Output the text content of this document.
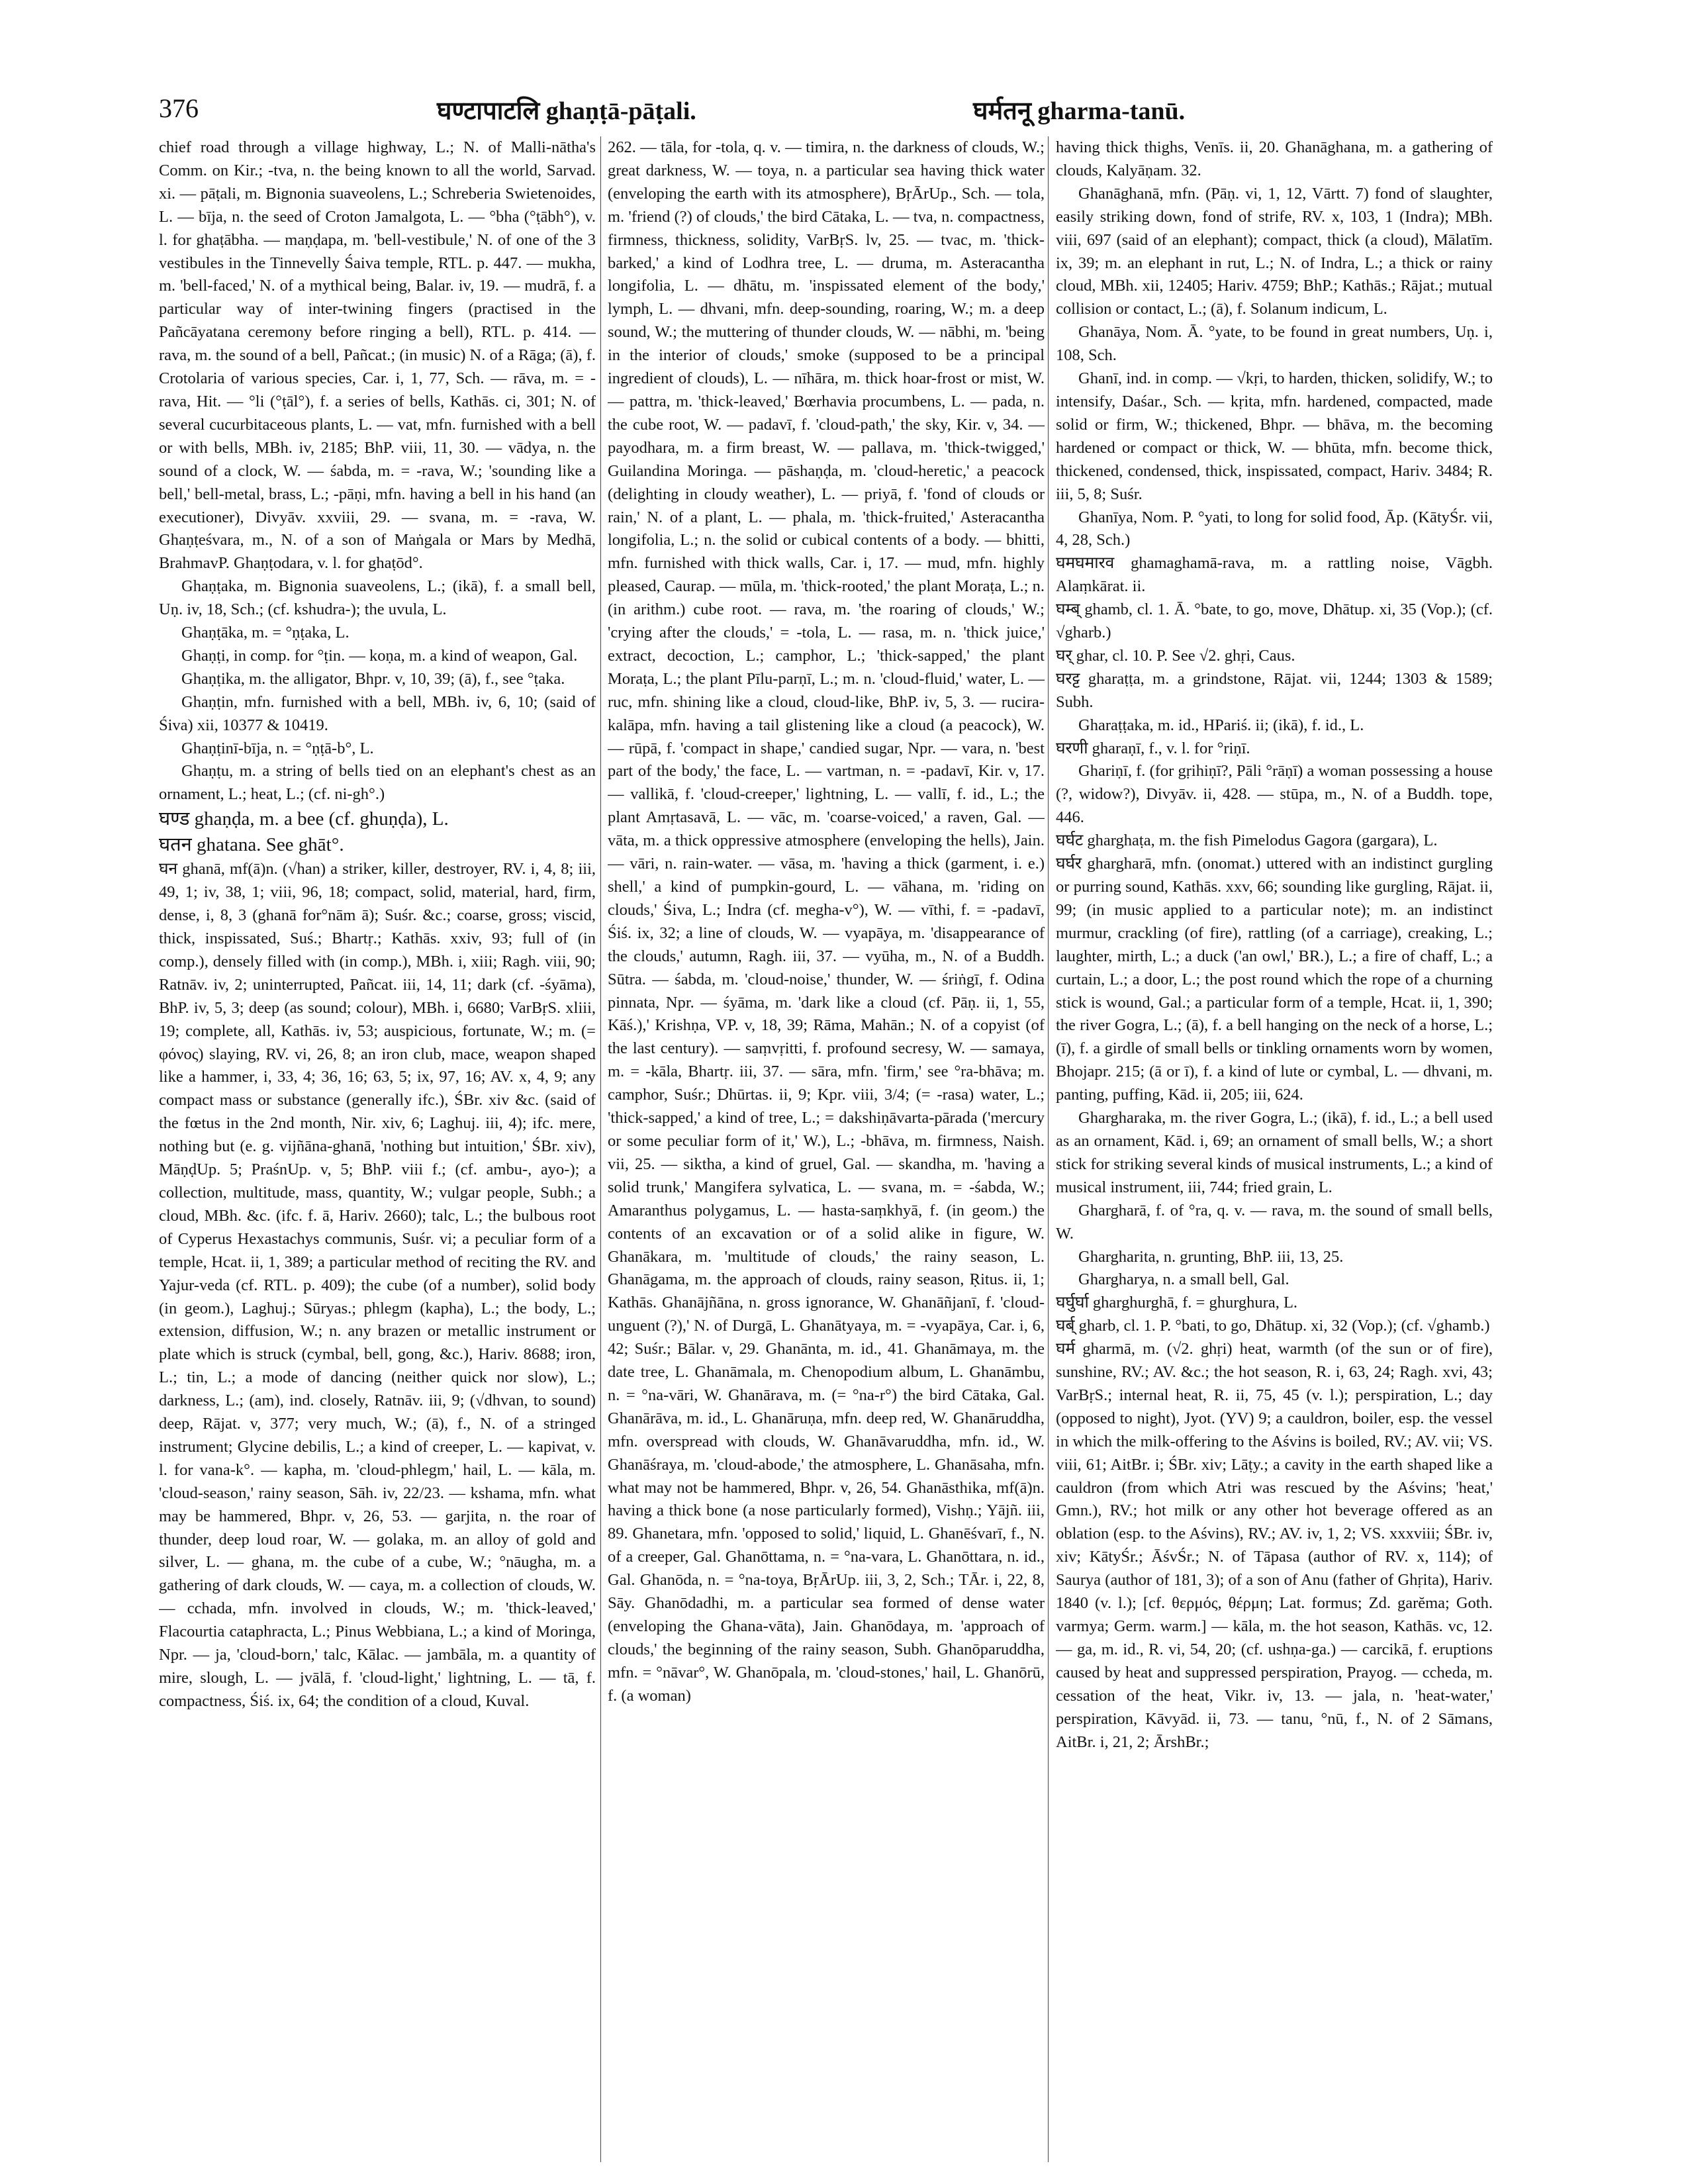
376	घण्टापाटलि ghaṇṭā-pāṭali.	घर्मतनू gharma-tanū.

chief road through a village highway, L.; N. of Malli-nātha's Comm. on Kir.; -tva, n. the being known to all the world, Sarvad. xi. — pāṭali, m. Bignonia suaveolens, L.; Schreberia Swietenoides, L. — bīja, n. the seed of Croton Jamalgota, L. — °bha (°ṭābh°), v. l. for ghaṭābha. — maṇḍapa, m. 'bell-vestibule,' N. of one of the 3 vestibules in the Tinnevelly Śaiva temple, RTL. p. 447. — mukha, m. 'bell-faced,' N. of a mythical being, Balar. iv, 19. — mudrā, f. a particular way of inter-twining fingers (practised in the Pañcāyatana ceremony before ringing a bell), RTL. p. 414. — rava, m. the sound of a bell, Pañcat.; (in music) N. of a Rāga; (ā), f. Crotolaria of various species, Car. i, 1, 77, Sch. — rāva, m. = -rava, Hit. — °li (°ṭāl°), f. a series of bells, Kathās. ci, 301; N. of several cucurbitaceous plants, L. — vat, mfn. furnished with a bell or with bells, MBh. iv, 2185; BhP. viii, 11, 30. — vādya, n. the sound of a clock, W. — śabda, m. = -rava, W.; 'sounding like a bell,' bell-metal, brass, L.; -pāṇi, mfn. having a bell in his hand (an executioner), Divyāv. xxviii, 29. — svana, m. = -rava, W. Ghaṇṭeśvara, m., N. of a son of Maṅgala or Mars by Medhā, BrahmavP. Ghaṇṭodara, v. l. for ghaṭōd°.

Ghaṇṭaka, m. Bignonia suaveolens, L.; (ikā), f. a small bell, Uṇ. iv, 18, Sch.; (cf. kshudra-); the uvula, L.

Ghaṇṭāka, m. = °ṇṭaka, L.

Ghaṇṭi, in comp. for °ṭin. — koṇa, m. a kind of weapon, Gal.

Ghaṇṭika, m. the alligator, Bhpr. v, 10, 39; (ā), f., see °ṭaka.

Ghaṇṭin, mfn. furnished with a bell, MBh. iv, 6, 10; (said of Śiva) xii, 10377 & 10419.

Ghaṇṭinī-bīja, n. = °ṇṭā-b°, L.

Ghaṇṭu, m. a string of bells tied on an elephant's chest as an ornament, L.; heat, L.; (cf. ni-gh°.)

घण्ड ghaṇḍa, m. a bee (cf. ghuṇḍa), L.

घतन ghatana. See ghāt°.

घन ghanā, mf(ā)n. (√han) a striker, killer, destroyer, RV. i, 4, 8; iii, 49, 1; iv, 38, 1; viii, 96, 18; compact, solid, material, hard, firm, dense, i, 8, 3 (ghanā for°nām ā); Suśr. &c.; coarse, gross; viscid, thick, inspissated, Suś.; Bhartṛ.; Kathās. xxiv, 93; full of (in comp.), densely filled with (in comp.), MBh. i, xiii; Ragh. viii, 90; Ratnāv. iv, 2; uninterrupted, Pañcat. iii, 14, 11; dark (cf. -śyāma), BhP. iv, 5, 3; deep (as sound; colour), MBh. i, 6680; VarBṛS. xliii, 19; complete, all, Kathās. iv, 53; auspicious, fortunate, W.; m. (= φόνος) slaying, RV. vi, 26, 8; an iron club, mace, weapon shaped like a hammer, i, 33, 4; 36, 16; 63, 5; ix, 97, 16; AV. x, 4, 9; any compact mass or substance (generally ifc.), ŚBr. xiv &c. (said of the fœtus in the 2nd month, Nir. xiv, 6; Laghuj. iii, 4); ifc. mere, nothing but (e. g. vijñāna-ghanā, 'nothing but intuition,' ŚBr. xiv), MāṇḍUp. 5; PraśnUp. v, 5; BhP. viii f.; (cf. ambu-, ayo-); a collection, multitude, mass, quantity, W.; vulgar people, Subh.; a cloud, MBh. &c. (ifc. f. ā, Hariv. 2660); talc, L.; the bulbous root of Cyperus Hexastachys communis, Suśr. vi; a peculiar form of a temple, Hcat. ii, 1, 389; a particular method of reciting the RV. and Yajur-veda (cf. RTL. p. 409); the cube (of a number), solid body (in geom.), Laghuj.; Sūryas.; phlegm (kapha), L.; the body, L.; extension, diffusion, W.; n. any brazen or metallic instrument or plate which is struck (cymbal, bell, gong, &c.), Hariv. 8688; iron, L.; tin, L.; a mode of dancing (neither quick nor slow), L.; darkness, L.; (am), ind. closely, Ratnāv. iii, 9; (√dhvan, to sound) deep, Rājat. v, 377; very much, W.; (ā), f., N. of a stringed instrument; Glycine debilis, L.; a kind of creeper, L. — kapivat, v. l. for vana-k°. — kapha, m. 'cloud-phlegm,' hail, L. — kāla, m. 'cloud-season,' rainy season, Sāh. iv, 22/23. — kshama, mfn. what may be hammered, Bhpr. v, 26, 53. — garjita, n. the roar of thunder, deep loud roar, W. — golaka, m. an alloy of gold and silver, L. — ghana, m. the cube of a cube, W.; °nāugha, m. a gathering of dark clouds, W. — caya, m. a collection of clouds, W. — cchada, mfn. involved in clouds, W.; m. 'thick-leaved,' Flacourtia cataphracta, L.; Pinus Webbiana, L.; a kind of Moringa, Npr. — ja, 'cloud-born,' talc, Kālac. — jambāla, m. a quantity of mire, slough, L. — jvālā, f. 'cloud-light,' lightning, L. — tā, f. compactness, Śiś. ix, 64; the condition of a cloud, Kuval.

262. — tāla, for -tola, q. v. — timira, n. the darkness of clouds, W.; great darkness, W. — toya, n. a particular sea having thick water (enveloping the earth with its atmosphere), BṛĀrUp., Sch. — tola, m. 'friend (?) of clouds,' the bird Cātaka, L. — tva, n. compactness, firmness, thickness, solidity, VarBṛS. lv, 25. — tvac, m. 'thick-barked,' a kind of Lodhra tree, L. — druma, m. Asteracantha longifolia, L. — dhātu, m. 'inspissated element of the body,' lymph, L. — dhvani, mfn. deep-sounding, roaring, W.; m. a deep sound, W.; the muttering of thunder clouds, W. — nābhi, m. 'being in the interior of clouds,' smoke (supposed to be a principal ingredient of clouds), L. — nīhāra, m. thick hoar-frost or mist, W. — pattra, m. 'thick-leaved,' Bœrhavia procumbens, L. — pada, n. the cube root, W. — padavī, f. 'cloud-path,' the sky, Kir. v, 34. — payodhara, m. a firm breast, W. — pallava, m. 'thick-twigged,' Guilandina Moringa. — pāshaṇḍa, m. 'cloud-heretic,' a peacock (delighting in cloudy weather), L. — priyā, f. 'fond of clouds or rain,' N. of a plant, L. — phala, m. 'thick-fruited,' Asteracantha longifolia, L.; n. the solid or cubical contents of a body. — bhitti, mfn. furnished with thick walls, Car. i, 17. — mud, mfn. highly pleased, Caurap. — mūla, m. 'thick-rooted,' the plant Moraṭa, L.; n. (in arithm.) cube root. — rava, m. 'the roaring of clouds,' W.; 'crying after the clouds,' = -tola, L. — rasa, m. n. 'thick juice,' extract, decoction, L.; camphor, L.; 'thick-sapped,' the plant Moraṭa, L.; the plant Pīlu-parṇī, L.; m. n. 'cloud-fluid,' water, L. — ruc, mfn. shining like a cloud, cloud-like, BhP. iv, 5, 3. — rucira-kalāpa, mfn. having a tail glistening like a cloud (a peacock), W. — rūpā, f. 'compact in shape,' candied sugar, Npr. — vara, n. 'best part of the body,' the face, L. — vartman, n. = -padavī, Kir. v, 17. — vallikā, f. 'cloud-creeper,' lightning, L. — vallī, f. id., L.; the plant Amṛtasavā, L. — vāc, m. 'coarse-voiced,' a raven, Gal. — vāta, m. a thick oppressive atmosphere (enveloping the hells), Jain. — vāri, n. rain-water. — vāsa, m. 'having a thick (garment, i. e.) shell,' a kind of pumpkin-gourd, L. — vāhana, m. 'riding on clouds,' Śiva, L.; Indra (cf. megha-v°), W. — vīthi, f. = -padavī, Śiś. ix, 32; a line of clouds, W. — vyapāya, m. 'disappearance of the clouds,' autumn, Ragh. iii, 37. — vyūha, m., N. of a Buddh. Sūtra. — śabda, m. 'cloud-noise,' thunder, W. — śriṅgī, f. Odina pinnata, Npr. — śyāma, m. 'dark like a cloud (cf. Pāṇ. ii, 1, 55, Kāś.),' Krishṇa, VP. v, 18, 39; Rāma, Mahān.; N. of a copyist (of the last century). — saṃvṛitti, f. profound secresy, W. — samaya, m. = -kāla, Bhartṛ. iii, 37. — sāra, mfn. 'firm,' see °ra-bhāva; m. camphor, Suśr.; Dhūrtas. ii, 9; Kpr. viii, 3/4; (= -rasa) water, L.; 'thick-sapped,' a kind of tree, L.; = dakshiṇāvarta-pārada ('mercury or some peculiar form of it,' W.), L.; -bhāva, m. firmness, Naish. vii, 25. — siktha, a kind of gruel, Gal. — skandha, m. 'having a solid trunk,' Mangifera sylvatica, L. — svana, m. = -śabda, W.; Amaranthus polygamus, L. — hasta-saṃkhyā, f. (in geom.) the contents of an excavation or of a solid alike in figure, W. Ghanākara, m. 'multitude of clouds,' the rainy season, L. Ghanāgama, m. the approach of clouds, rainy season, Ṛitus. ii, 1; Kathās. Ghanājñāna, n. gross ignorance, W. Ghanāñjanī, f. 'cloud-unguent (?),' N. of Durgā, L. Ghanātyaya, m. = -vyapāya, Car. i, 6, 42; Suśr.; Bālar. v, 29. Ghanānta, m. id., 41. Ghanāmaya, m. the date tree, L. Ghanāmala, m. Chenopodium album, L. Ghanāmbu, n. = °na-vāri, W. Ghanārava, m. (= °na-r°) the bird Cātaka, Gal. Ghanārāva, m. id., L. Ghanāruṇa, mfn. deep red, W. Ghanāruddha, mfn. overspread with clouds, W. Ghanāvaruddha, mfn. id., W. Ghanāśraya, m. 'cloud-abode,' the atmosphere, L. Ghanāsaha, mfn. what may not be hammered, Bhpr. v, 26, 54. Ghanāsthika, mf(ā)n. having a thick bone (a nose particularly formed), Vishṇ.; Yājñ. iii, 89. Ghanetara, mfn. 'opposed to solid,' liquid, L. Ghanēśvarī, f., N. of a creeper, Gal. Ghanōttama, n. = °na-vara, L. Ghanōttara, n. id., Gal. Ghanōda, n. = °na-toya, BṛĀrUp. iii, 3, 2, Sch.; TĀr. i, 22, 8, Sāy. Ghanōdadhi, m. a particular sea formed of dense water (enveloping the Ghana-vāta), Jain. Ghanōdaya, m. 'approach of clouds,' the beginning of the rainy season, Subh. Ghanōparuddha, mfn. = °nāvar°, W. Ghanōpala, m. 'cloud-stones,' hail, L. Ghanōrū, f. (a woman)

having thick thighs, Venīs. ii, 20. Ghanāghana, m. a gathering of clouds, Kalyāṇam. 32.

Ghanāghanā, mfn. (Pāṇ. vi, 1, 12, Vārtt. 7) fond of slaughter, easily striking down, fond of strife, RV. x, 103, 1 (Indra); MBh. viii, 697 (said of an elephant); compact, thick (a cloud), Mālatīm. ix, 39; m. an elephant in rut, L.; N. of Indra, L.; a thick or rainy cloud, MBh. xii, 12405; Hariv. 4759; BhP.; Kathās.; Rājat.; mutual collision or contact, L.; (ā), f. Solanum indicum, L.

Ghanāya, Nom. Ā. °yate, to be found in great numbers, Uṇ. i, 108, Sch.

Ghanī, ind. in comp. — √kṛi, to harden, thicken, solidify, W.; to intensify, Daśar., Sch. — kṛita, mfn. hardened, compacted, made solid or firm, W.; thickened, Bhpr. — bhāva, m. the becoming hardened or compact or thick, W. — bhūta, mfn. become thick, thickened, condensed, thick, inspissated, compact, Hariv. 3484; R. iii, 5, 8; Suśr.

Ghanīya, Nom. P. °yati, to long for solid food, Āp. (KātyŚr. vii, 4, 28, Sch.)

घमघमारव ghamaghamā-rava, m. a rattling noise, Vāgbh. Alaṃkārat. ii.

घम्ब् ghamb, cl. 1. Ā. °bate, to go, move, Dhātup. xi, 35 (Vop.); (cf. √gharb.)

घर् ghar, cl. 10. P. See √2. ghṛi, Caus.

घरट्ट gharaṭṭa, m. a grindstone, Rājat. vii, 1244; 1303 & 1589; Subh.

Gharaṭṭaka, m. id., HPariś. ii; (ikā), f. id., L.

घरणी gharaṇī, f., v. l. for °riṇī.

Ghariṇī, f. (for gṛihiṇī?, Pāli °rāṇī) a woman possessing a house (?, widow?), Divyāv. ii, 428. — stūpa, m., N. of a Buddh. tope, 446.

घर्घट gharghaṭa, m. the fish Pimelodus Gagora (gargara), L.

घर्घर ghargharā, mfn. (onomat.) uttered with an indistinct gurgling or purring sound, Kathās. xxv, 66; sounding like gurgling, Rājat. ii, 99; (in music applied to a particular note); m. an indistinct murmur, crackling (of fire), rattling (of a carriage), creaking, L.; laughter, mirth, L.; a duck ('an owl,' BR.), L.; a fire of chaff, L.; a curtain, L.; a door, L.; the post round which the rope of a churning stick is wound, Gal.; a particular form of a temple, Hcat. ii, 1, 390; the river Gogra, L.; (ā), f. a bell hanging on the neck of a horse, L.; (ī), f. a girdle of small bells or tinkling ornaments worn by women, Bhojapr. 215; (ā or ī), f. a kind of lute or cymbal, L. — dhvani, m. panting, puffing, Kād. ii, 205; iii, 624.

Ghargharaka, m. the river Gogra, L.; (ikā), f. id., L.; a bell used as an ornament, Kād. i, 69; an ornament of small bells, W.; a short stick for striking several kinds of musical instruments, L.; a kind of musical instrument, iii, 744; fried grain, L.

Ghargharā, f. of °ra, q. v. — rava, m. the sound of small bells, W.

Ghargharita, n. grunting, BhP. iii, 13, 25.

Ghargharya, n. a small bell, Gal.

घर्घुर्घा gharghurghā, f. = ghurghura, L.

घर्ब् gharb, cl. 1. P. °bati, to go, Dhātup. xi, 32 (Vop.); (cf. √ghamb.)

घर्म gharmā, m. (√2. ghṛi) heat, warmth (of the sun or of fire), sunshine, RV.; AV. &c.; the hot season, R. i, 63, 24; Ragh. xvi, 43; VarBṛS.; internal heat, R. ii, 75, 45 (v. l.); perspiration, L.; day (opposed to night), Jyot. (YV) 9; a cauldron, boiler, esp. the vessel in which the milk-offering to the Aśvins is boiled, RV.; AV. vii; VS. viii, 61; AitBr. i; ŚBr. xiv; Lāṭy.; a cavity in the earth shaped like a cauldron (from which Atri was rescued by the Aśvins; 'heat,' Gmn.), RV.; hot milk or any other hot beverage offered as an oblation (esp. to the Aśvins), RV.; AV. iv, 1, 2; VS. xxxviii; ŚBr. iv, xiv; KātyŚr.; ĀśvŚr.; N. of Tāpasa (author of RV. x, 114); of Saurya (author of 181, 3); of a son of Anu (father of Ghṛita), Hariv. 1840 (v. l.); [cf. θερμός, θέρμη; Lat. formus; Zd. garĕma; Goth. varmya; Germ. warm.] — kāla, m. the hot season, Kathās. vc, 12. — ga, m. id., R. vi, 54, 20; (cf. ushṇa-ga.) — carcikā, f. eruptions caused by heat and suppressed perspiration, Prayog. — ccheda, m. cessation of the heat, Vikr. iv, 13. — jala, n. 'heat-water,' perspiration, Kāvyād. ii, 73. — tanu, °nū, f., N. of 2 Sāmans, AitBr. i, 21, 2; ĀrshBr.;
